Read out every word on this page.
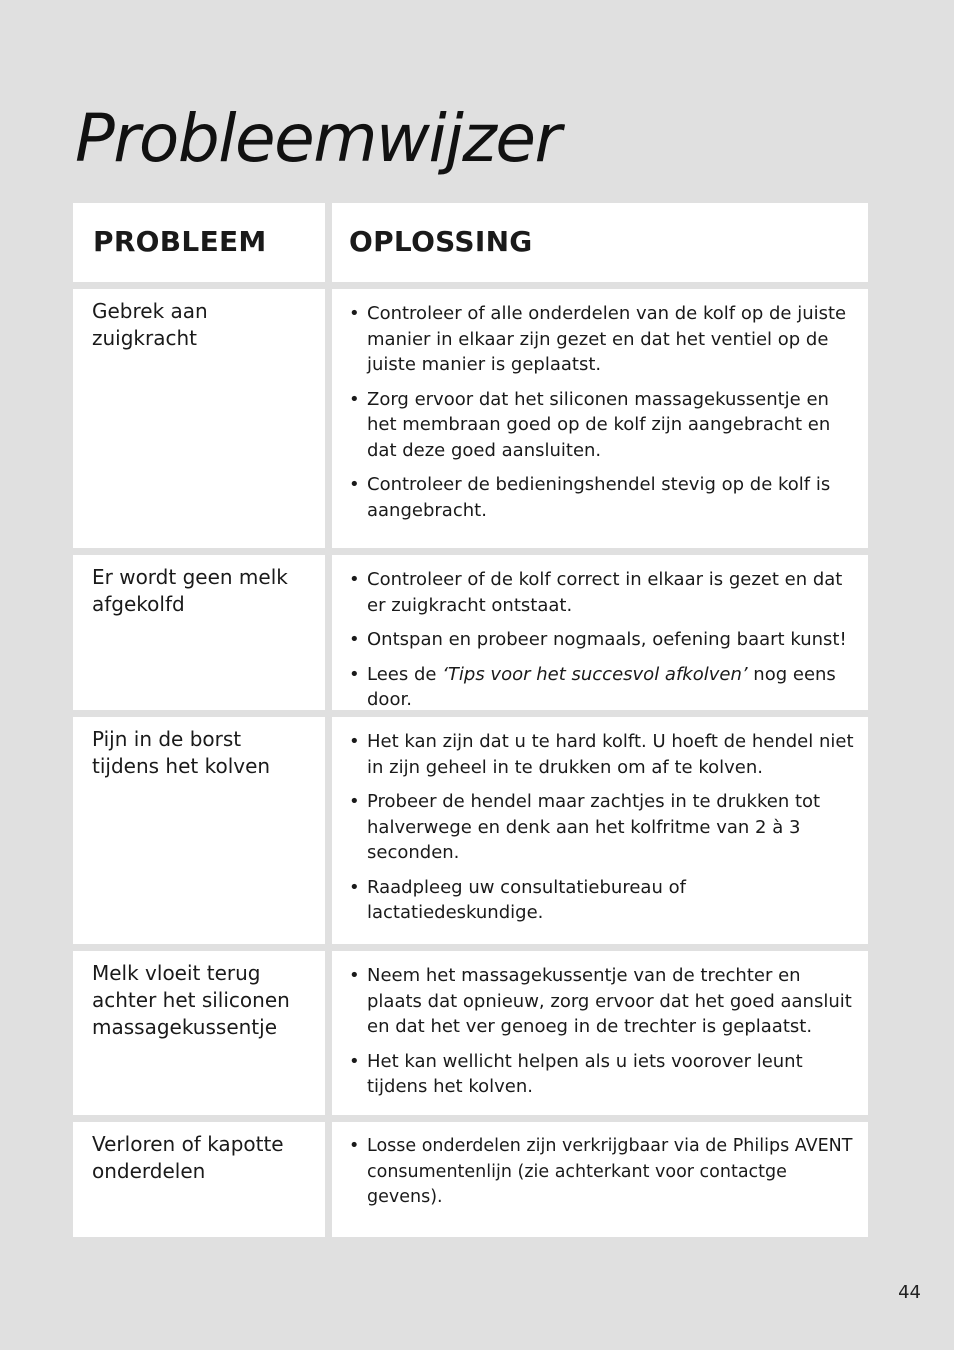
Probleemwijzer
PROBLEEM	OPLOSSING
Gebrek aan zuigkracht
• Controleer of alle onderdelen van de kolf op de juiste manier in elkaar zijn gezet en dat het ventiel op de juiste manier is geplaatst.
• Zorg ervoor dat het siliconen massagekussentje en het membraan goed op de kolf zijn aangebracht en dat deze goed aansluiten.
• Controleer de bedieningshendel stevig op de kolf is aangebracht.
Er wordt geen melk afgekolfd
• Controleer of de kolf correct in elkaar is gezet en dat er zuigkracht ontstaat.
• Ontspan en probeer nogmaals, oefening baart kunst!
• Lees de ‘Tips voor het succesvol afkolven’ nog eens door.
Pijn in de borst tijdens het kolven
• Het kan zijn dat u te hard kolft. U hoeft de hendel niet in zijn geheel in te drukken om af te kolven.
• Probeer de hendel maar zachtjes in te drukken tot halverwege en denk aan het kolfritme van 2 à 3 seconden.
• Raadpleeg uw consultatiebureau of lactatiedeskundige.
Melk vloeit terug achter het siliconen massagekussentje
• Neem het massagekussentje van de trechter en plaats dat opnieuw, zorg ervoor dat het goed aansluit en dat het ver genoeg in de trechter is geplaatst.
• Het kan wellicht helpen als u iets voorover leunt tijdens het kolven.
Verloren of kapotte onderdelen
• Losse onderdelen zijn verkrijgbaar via de Philips AVENT consumentenlijn (zie achterkant voor contactge gevens).
44
